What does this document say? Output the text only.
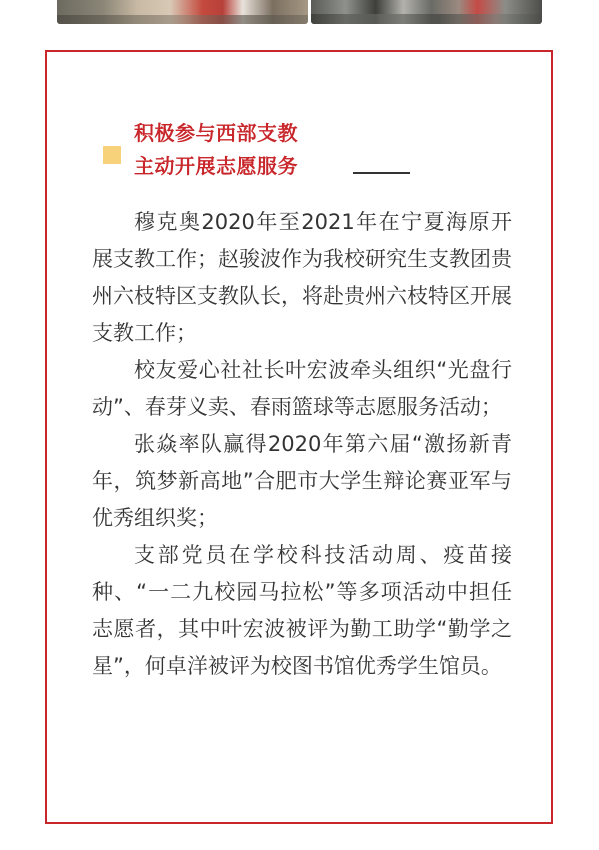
积极参与西部支教
主动开展志愿服务

穆克奥2020年至2021年在宁夏海原开展支教工作；赵骏波作为我校研究生支教团贵州六枝特区支教队长，将赴贵州六枝特区开展支教工作；

校友爱心社社长叶宏波牵头组织“光盘行动”、春芽义卖、春雨篮球等志愿服务活动；

张焱率队赢得2020年第六届“激扬新青年，筑梦新高地”合肥市大学生辩论赛亚军与优秀组织奖；

支部党员在学校科技活动周、疫苗接种、“一二九校园马拉松”等多项活动中担任志愿者，其中叶宏波被评为勤工助学“勤学之星”，何卓洋被评为校图书馆优秀学生馆员。
